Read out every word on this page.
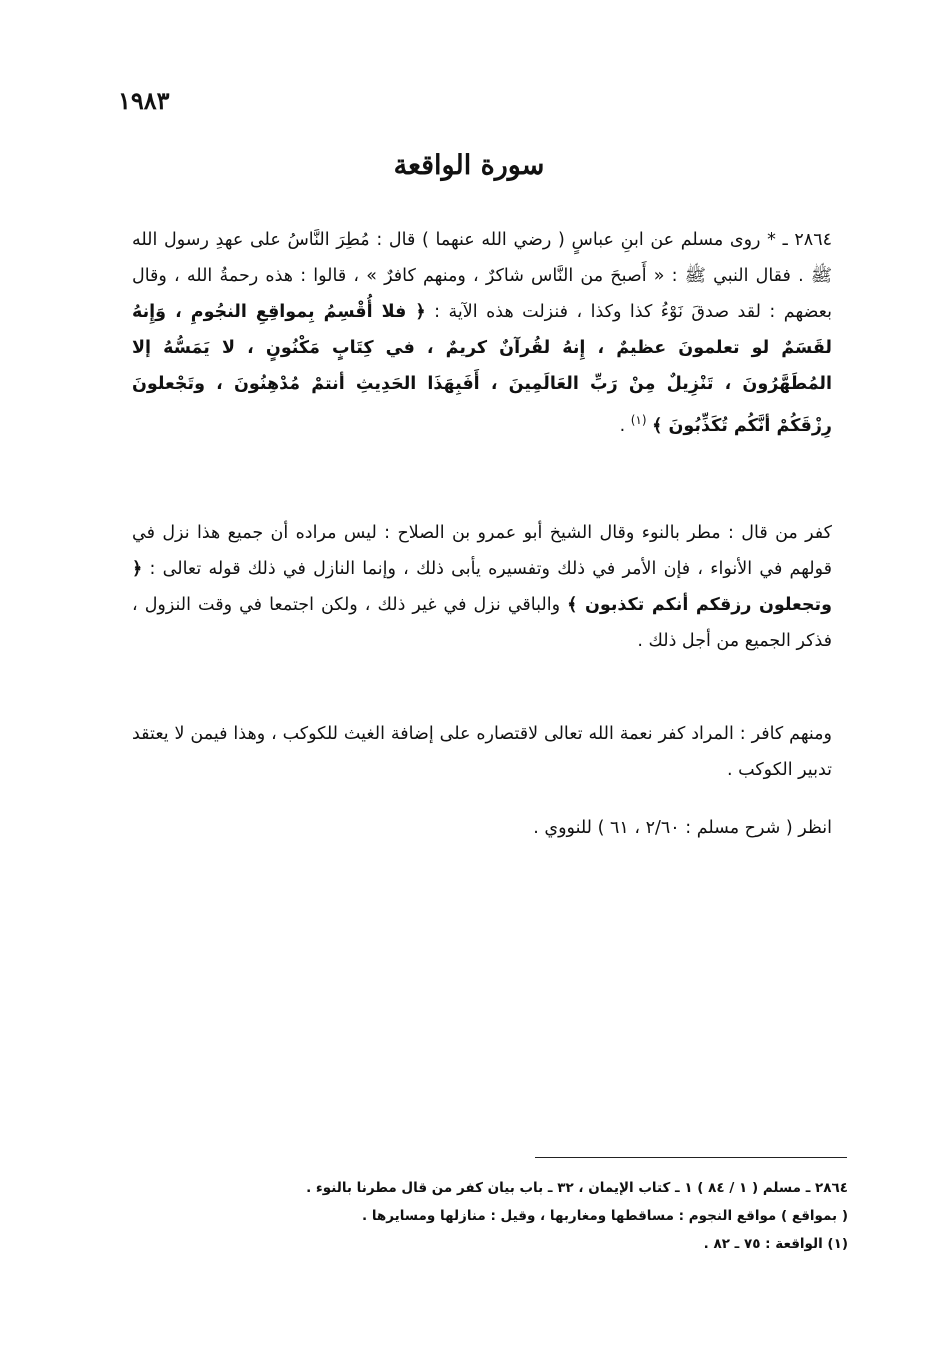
١٩٨٣
سورة الواقعة

٢٨٦٤ ـ * روى مسلم عن ابنِ عباسٍ ( رضي الله عنهما ) قال : مُطِرَ النَّاسُ على عهدِ رسول الله ﷺ . فقال النبي ﷺ : « أَصبحَ من النَّاس شاكرٌ ، ومنهم كافرٌ » ، قالوا : هذه رحمةُ الله ، وقال بعضهم : لقد صدقَ نَوْءُ كذا وكذا ، فنزلت هذه الآية : ﴿ فلا أُقْسِمُ بِمواقِعِ النجُومِ ، وَإِنهُ لقَسَمٌ لو تعلمونَ عظيمٌ ، إِنهُ لقُرآنٌ كريمٌ ، في كِتَابٍ مَكْنُونٍ ، لا يَمَسُّهُ إلا المُطَهَّرُونَ ، تَنْزِيلٌ مِنْ رَبِّ العَالَمِينَ ، أَفَبِهَذَا الحَدِيثِ أنتمْ مُدْهِنُونَ ، وتَجْعلونَ رِزْقَكُمْ أنَّكُم تُكَذِّبُونَ ﴾ $^{(١)}$ .

كفر من قال : مطر بالنوء وقال الشيخ أبو عمرو بن الصلاح : ليس مراده أن جميع هذا نزل في قولهم في الأنواء ، فإن الأمر في ذلك وتفسيره يأبى ذلك ، وإنما النازل في ذلك قوله تعالى : ﴿ وتجعلون رزقكم أنكم تكذبون ﴾ والباقي نزل في غير ذلك ، ولكن اجتمعا في وقت النزول ، فذكر الجميع من أجل ذلك .

ومنهم كافر : المراد كفر نعمة الله تعالى لاقتصاره على إضافة الغيث للكوكب ، وهذا فيمن لا يعتقد تدبير الكوكب .

انظر ( شرح مسلم : ٢/٦٠ ، ٦١ ) للنووي .

٢٨٦٤ ـ مسلم ( ١ / ٨٤ ) ١ ـ كتاب الإيمان ، ٣٢ ـ باب بيان كفر من قال مطرنا بالنوء .
( بمواقع ) مواقع النجوم : مساقطها ومغاربها ، وقيل : منازلها ومسايرها .
(١) الواقعة : ٧٥ ـ ٨٢ .
